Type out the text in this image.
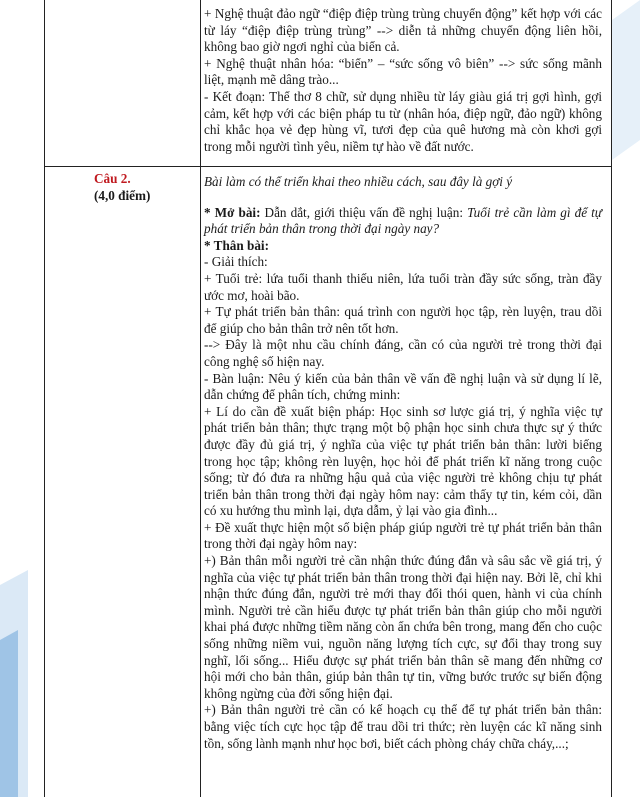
+ Nghệ thuật đảo ngữ “điệp điệp trùng trùng chuyển động” kết hợp với các từ láy “điệp điệp trùng trùng” --> diễn tả những chuyển động liên hồi, không bao giờ ngơi nghỉ của biển cả.

+ Nghệ thuật nhân hóa: “biển” – “sức sống vô biên” --> sức sống mãnh liệt, mạnh mẽ dâng trào...

- Kết đoạn: Thể thơ 8 chữ, sử dụng nhiều từ láy giàu giá trị gợi hình, gợi cảm, kết hợp với các biện pháp tu từ (nhân hóa, điệp ngữ, đảo ngữ) không chỉ khắc họa vẻ đẹp hùng vĩ, tươi đẹp của quê hương mà còn khơi gợi trong mỗi người tình yêu, niềm tự hào về đất nước.

Câu 2.
(4,0 điểm)

Bài làm có thể triển khai theo nhiều cách, sau đây là gợi ý

* Mở bài: Dẫn dắt, giới thiệu vấn đề nghị luận: Tuổi trẻ cần làm gì để tự phát triển bản thân trong thời đại ngày nay?

* Thân bài:

- Giải thích:

+ Tuổi trẻ: lứa tuổi thanh thiếu niên, lứa tuổi tràn đầy sức sống, tràn đầy ước mơ, hoài bão.

+ Tự phát triển bản thân: quá trình con người học tập, rèn luyện, trau dồi để giúp cho bản thân trở nên tốt hơn.

--> Đây là một nhu cầu chính đáng, cần có của người trẻ trong thời đại công nghệ số hiện nay.

- Bàn luận: Nêu ý kiến của bản thân về vấn đề nghị luận và sử dụng lí lẽ, dẫn chứng để phân tích, chứng minh:

+ Lí do cần đề xuất biện pháp: Học sinh sơ lược giá trị, ý nghĩa việc tự phát triển bản thân; thực trạng một bộ phận học sinh chưa thực sự ý thức được đầy đủ giá trị, ý nghĩa của việc tự phát triển bản thân: lười biếng trong học tập; không rèn luyện, học hỏi để phát triển kĩ năng trong cuộc sống; từ đó đưa ra những hậu quả của việc người trẻ không chịu tự phát triển bản thân trong thời đại ngày hôm nay: cảm thấy tự tin, kém cỏi, dần có xu hướng thu mình lại, dựa dẫm, ỷ lại vào gia đình...

+ Đề xuất thực hiện một số biện pháp giúp người trẻ tự phát triển bản thân trong thời đại ngày hôm nay:

+) Bản thân mỗi người trẻ cần nhận thức đúng đắn và sâu sắc về giá trị, ý nghĩa của việc tự phát triển bản thân trong thời đại hiện nay. Bởi lẽ, chỉ khi nhận thức đúng đắn, người trẻ mới thay đổi thói quen, hành vi của chính mình. Người trẻ cần hiểu được tự phát triển bản thân giúp cho mỗi người khai phá được những tiềm năng còn ẩn chứa bên trong, mang đến cho cuộc sống những niềm vui, nguồn năng lượng tích cực, sự đổi thay trong suy nghĩ, lối sống... Hiểu được sự phát triển bản thân sẽ mang đến những cơ hội mới cho bản thân, giúp bản thân tự tin, vững bước trước sự biến động không ngừng của đời sống hiện đại.

+) Bản thân người trẻ cần có kế hoạch cụ thể để tự phát triển bản thân: bằng việc tích cực học tập để trau dồi tri thức; rèn luyện các kĩ năng sinh tồn, sống lành mạnh như học bơi, biết cách phòng cháy chữa cháy,...;
